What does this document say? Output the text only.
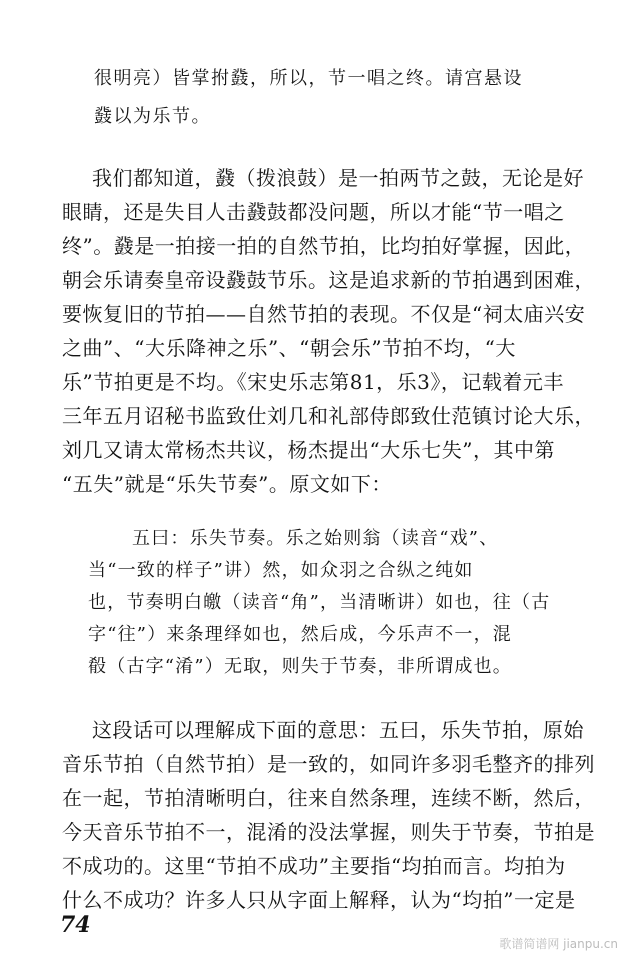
很明亮）皆掌拊鼗，所以，节一唱之终。请宫悬设
鼗以为乐节。
我们都知道，鼗（拨浪鼓）是一拍两节之鼓，无论是好
眼睛，还是失目人击鼗鼓都没问题，所以才能“节一唱之
终”。鼗是一拍接一拍的自然节拍，比均拍好掌握，因此，
朝会乐请奏皇帝设鼗鼓节乐。这是追求新的节拍遇到困难，
要恢复旧的节拍——自然节拍的表现。不仅是“祠太庙兴安
之曲”、“大乐降神之乐”、“朝会乐”节拍不均，“大
乐”节拍更是不均。《宋史乐志第81，乐3》，记载着元丰
三年五月诏秘书监致仕刘几和礼部侍郎致仕范镇讨论大乐，
刘几又请太常杨杰共议，杨杰提出“大乐七失”，其中第
“五失”就是“乐失节奏”。原文如下：
五曰：乐失节奏。乐之始则翁（读音“戏”、
当“一致的样子”讲）然，如众羽之合纵之纯如
也，节奏明白皦（读音“角”，当清晰讲）如也，往（古
字“往”）来条理绎如也，然后成，今乐声不一，混
殽（古字“淆”）无取，则失于节奏，非所谓成也。
这段话可以理解成下面的意思：五曰，乐失节拍，原始
音乐节拍（自然节拍）是一致的，如同许多羽毛整齐的排列
在一起，节拍清晰明白，往来自然条理，连续不断，然后，
今天音乐节拍不一，混淆的没法掌握，则失于节奏，节拍是
不成功的。这里“节拍不成功”主要指“均拍而言。均拍为
什么不成功？许多人只从字面上解释，认为“均拍”一定是
74
歌谱简谱网 jianpu.cn
